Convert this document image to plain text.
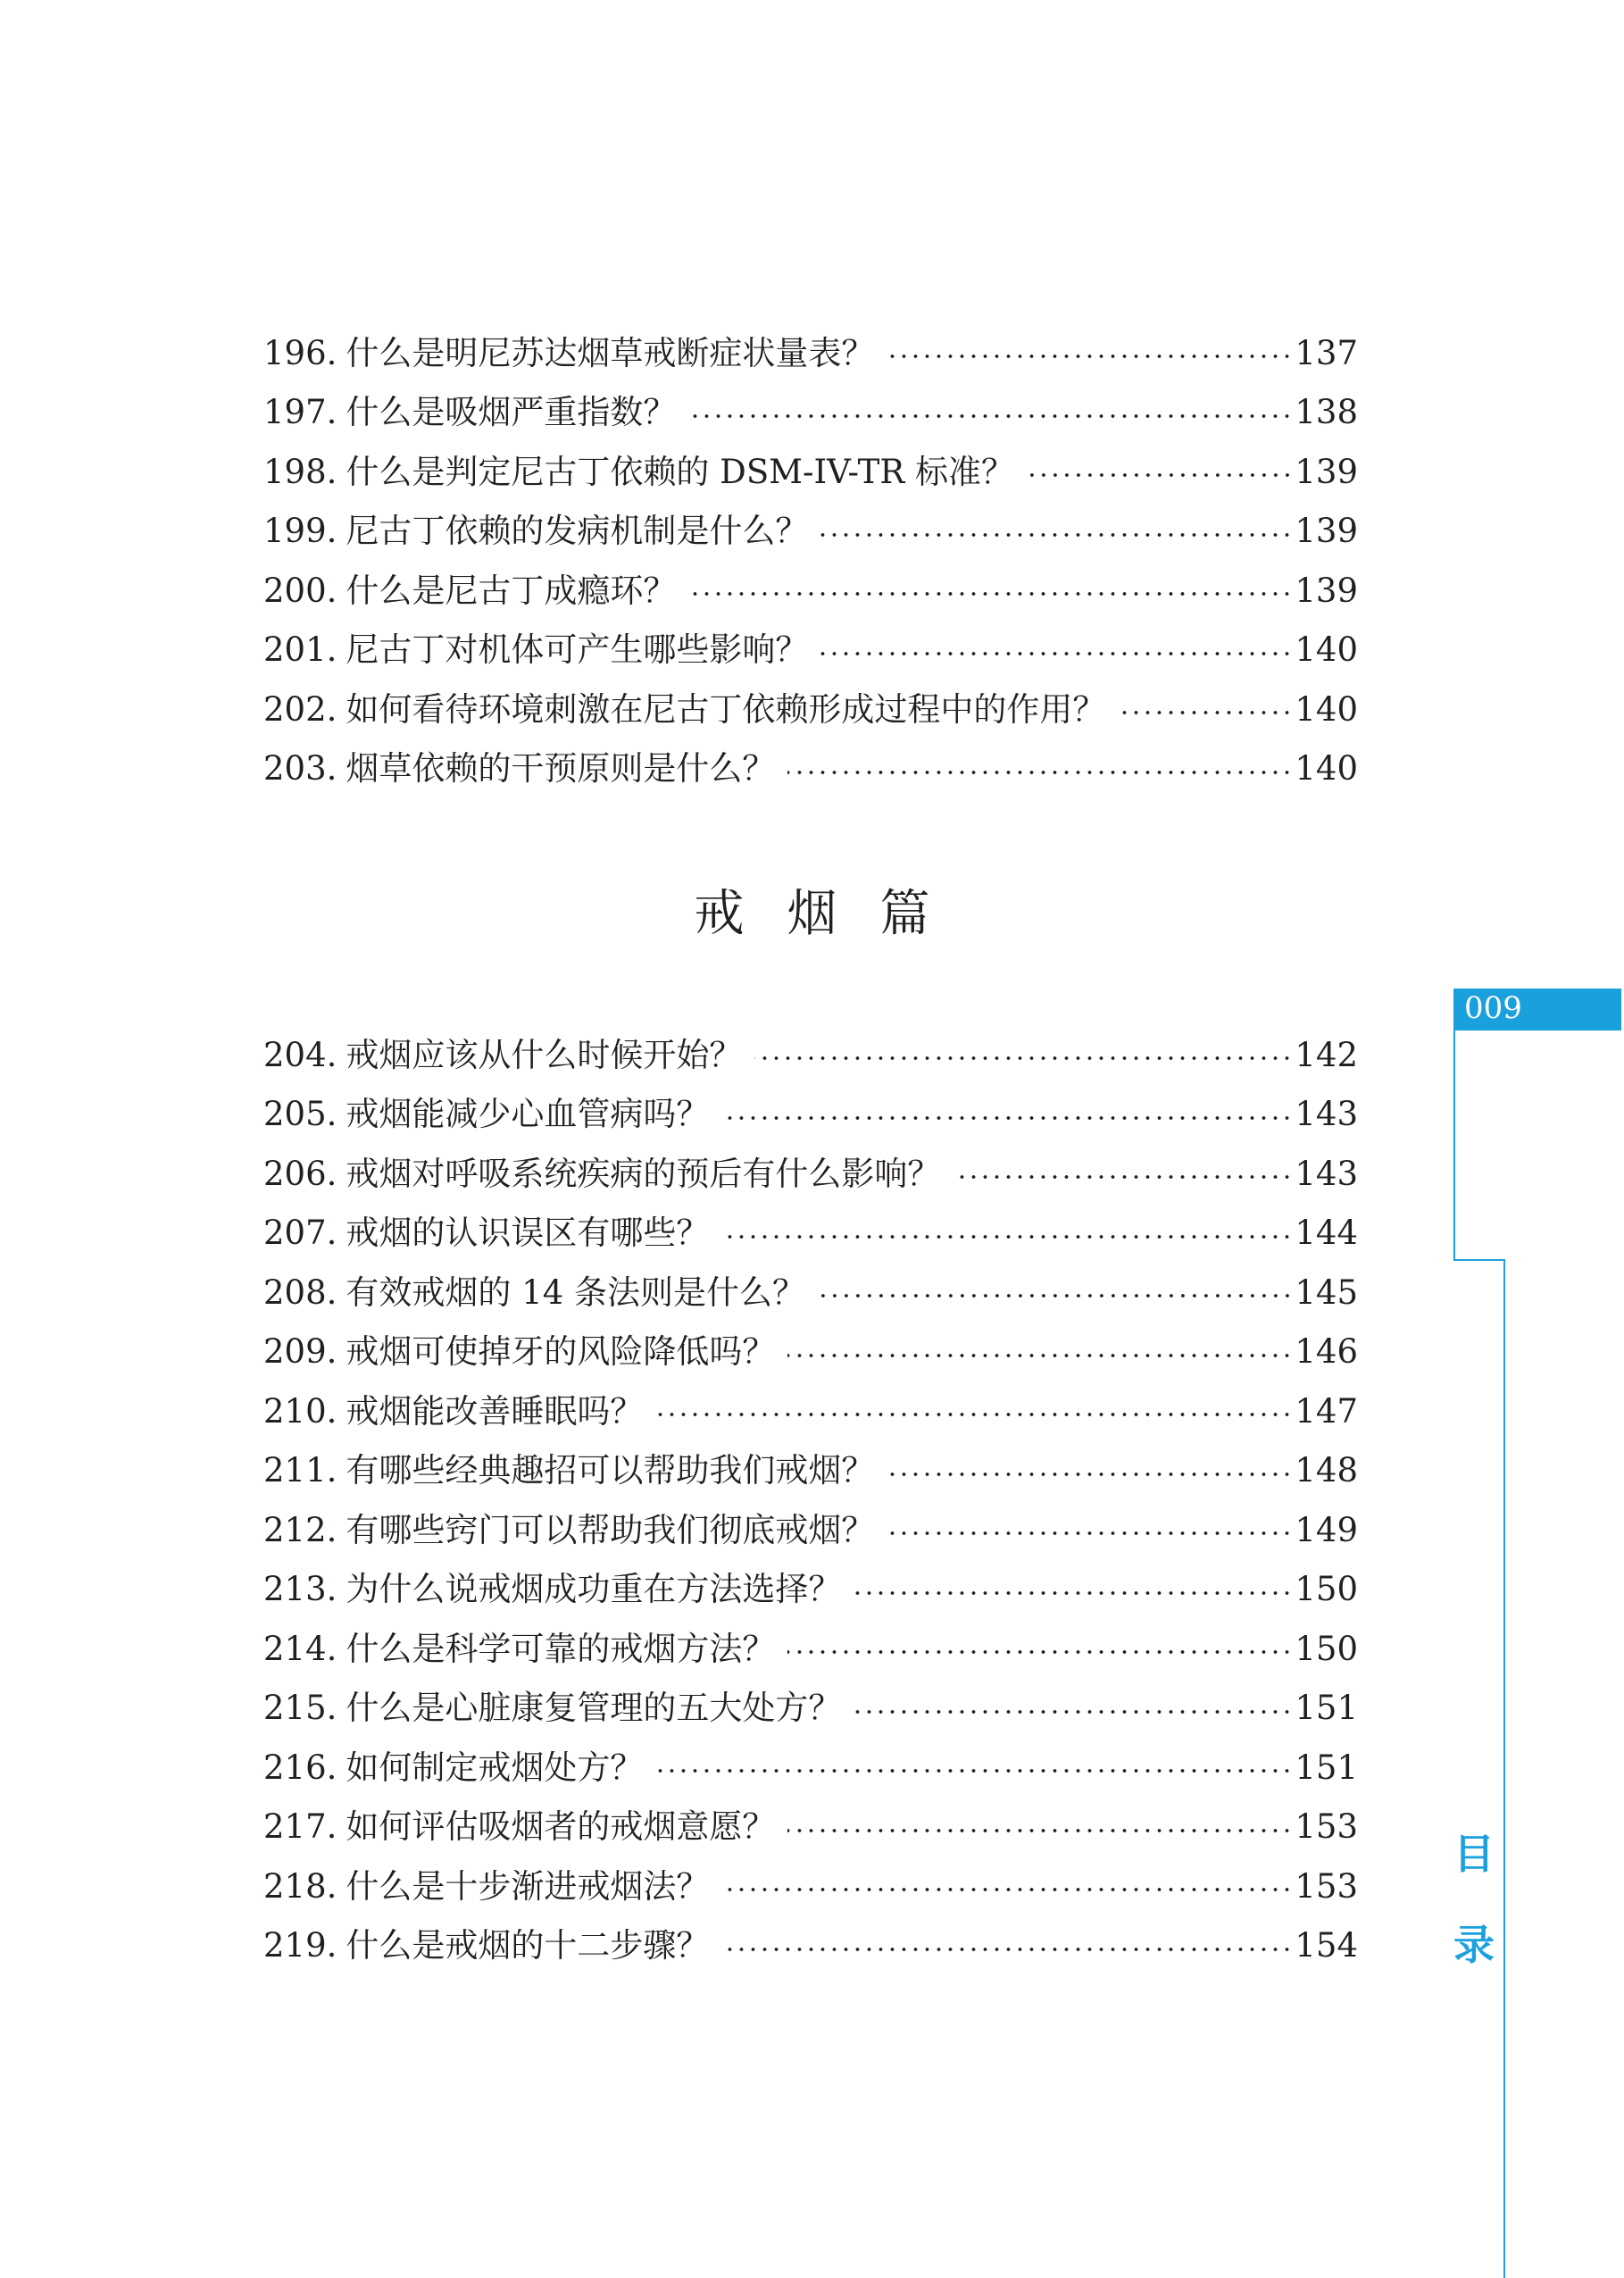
196. 什么是明尼苏达烟草戒断症状量表？	137
197. 什么是吸烟严重指数？	138
198. 什么是判定尼古丁依赖的 DSM-IV-TR 标准？	139
199. 尼古丁依赖的发病机制是什么？	139
200. 什么是尼古丁成瘾环？	139
201. 尼古丁对机体可产生哪些影响？	140
202. 如何看待环境刺激在尼古丁依赖形成过程中的作用？	140
203. 烟草依赖的干预原则是什么？	140
戒烟篇
009
204. 戒烟应该从什么时候开始？	142
205. 戒烟能减少心血管病吗？	143
206. 戒烟对呼吸系统疾病的预后有什么影响？	143
207. 戒烟的认识误区有哪些？	144
208. 有效戒烟的 14 条法则是什么？	145
209. 戒烟可使掉牙的风险降低吗？	146
210. 戒烟能改善睡眠吗？	147
211. 有哪些经典趣招可以帮助我们戒烟？	148
212. 有哪些窍门可以帮助我们彻底戒烟？	149
213. 为什么说戒烟成功重在方法选择？	150
214. 什么是科学可靠的戒烟方法？	150
215. 什么是心脏康复管理的五大处方？	151
216. 如何制定戒烟处方？	151
217. 如何评估吸烟者的戒烟意愿？	153
218. 什么是十步渐进戒烟法？	153
219. 什么是戒烟的十二步骤？	154
目
录
